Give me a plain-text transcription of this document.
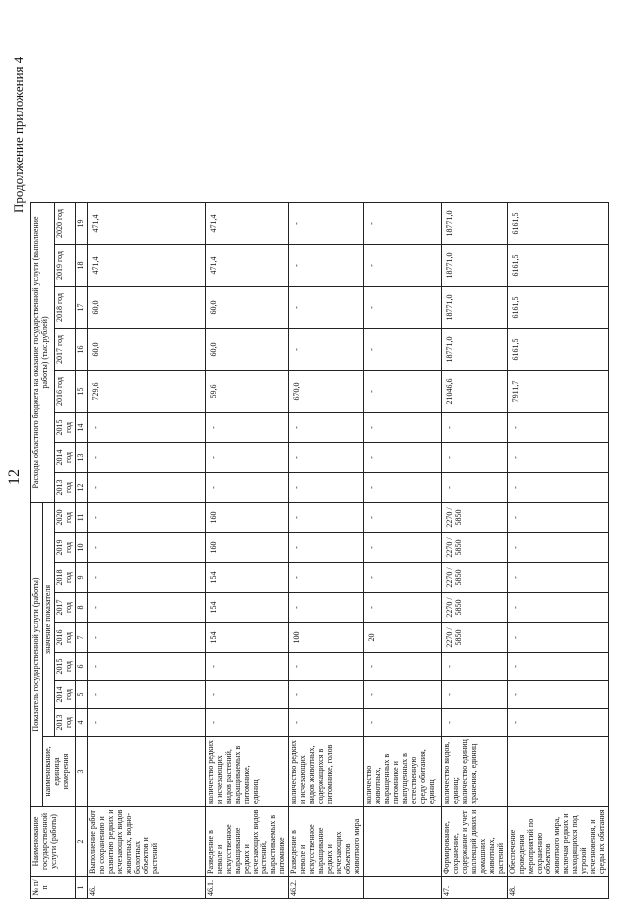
12
Продолжение приложения 4
№ п/п	Наименование государственной услуги (работы)	Показатель государственной услуги (работы)									Расходы областного бюджета на оказание государственной услуги (выполнение работы) (тыс.рублей)							
		наименование, единица измерения	значение показателя															
			2013 год	2014 год	2015 год	2016 год	2017 год	2018 год	2019 год	2020 год	2013 год	2014 год	2015 год	2016 год	2017 год	2018 год	2019 год	2020 год
1	2	3	4	5	6	7	8	9	10	11	12	13	14	15	16	17	18	19
46.	Выполнение работ по сохранению и развитию редких и исчезающих видов животных, водно-болотных объектов и растений		-	-	-	-	-	-	-	-	-	-	-	729,6	60,0	60,0	471,4	471,4
46.1.	Разведение в неволе и искусственное выращивание редких и исчезающих видов растений, вырастиваемых в питомнике	количество редких и исчезающих видов растений, выращиваемых в питомнике, единиц	-	-	-	154	154	154	160	160	-	-	-	59,6	60,0	60,0	471,4	471,4
46.2.	Разведение в неволе и искусственное выращивание редких и исчезающих объектов животного мира	количество редких и исчезающих видов животных, содержащихся в питомнике, голов	-	-	-	100	-	-	-	-	-	-	-	670,0	-	-	-	-
		количество животных, выращенных в питомнике и выпущенных в естественную среду обитания, единиц	-	-	-	20	-	-	-	-	-	-	-	-	-	-	-	-
47.	Формирование, сохранение, содержание и учет коллекций диких и домашних животных, растений	количество видов, единиц; количество единиц хранения, единиц	-	-	-	2270 / 5850	2270 / 5850	2270 / 5850	2270 / 5850	2270 / 5850	-	-	-	21046,6	18771,0	18771,0	18771,0	18771,0
48.	Обеспечение проведения мероприятий по сохранению объектов животного мира, включая редких и находящихся под угрозой исчезновения, и среды их обитания		-	-	-	-	-	-	-	-	-	-	-	7911,7	6161,5	6161,5	6161,5	6161,5
